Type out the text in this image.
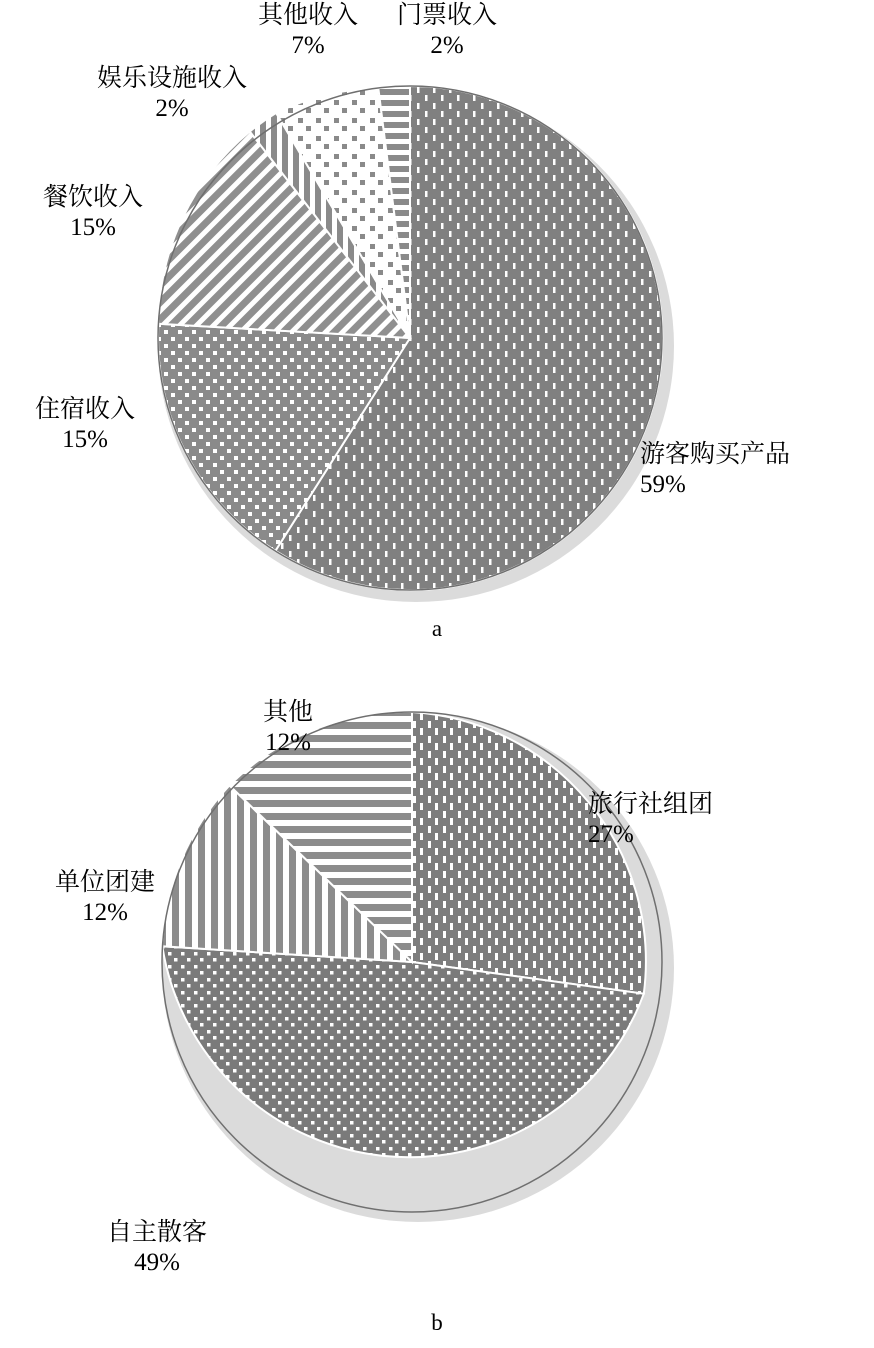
游客购买产品
59%
住宿收入
15%
餐饮收入
15%
娱乐设施收入
2%
其他收入
7%
门票收入
2%
a
旅行社组团
27%
自主散客
49%
单位团建
12%
其他
12%
b
